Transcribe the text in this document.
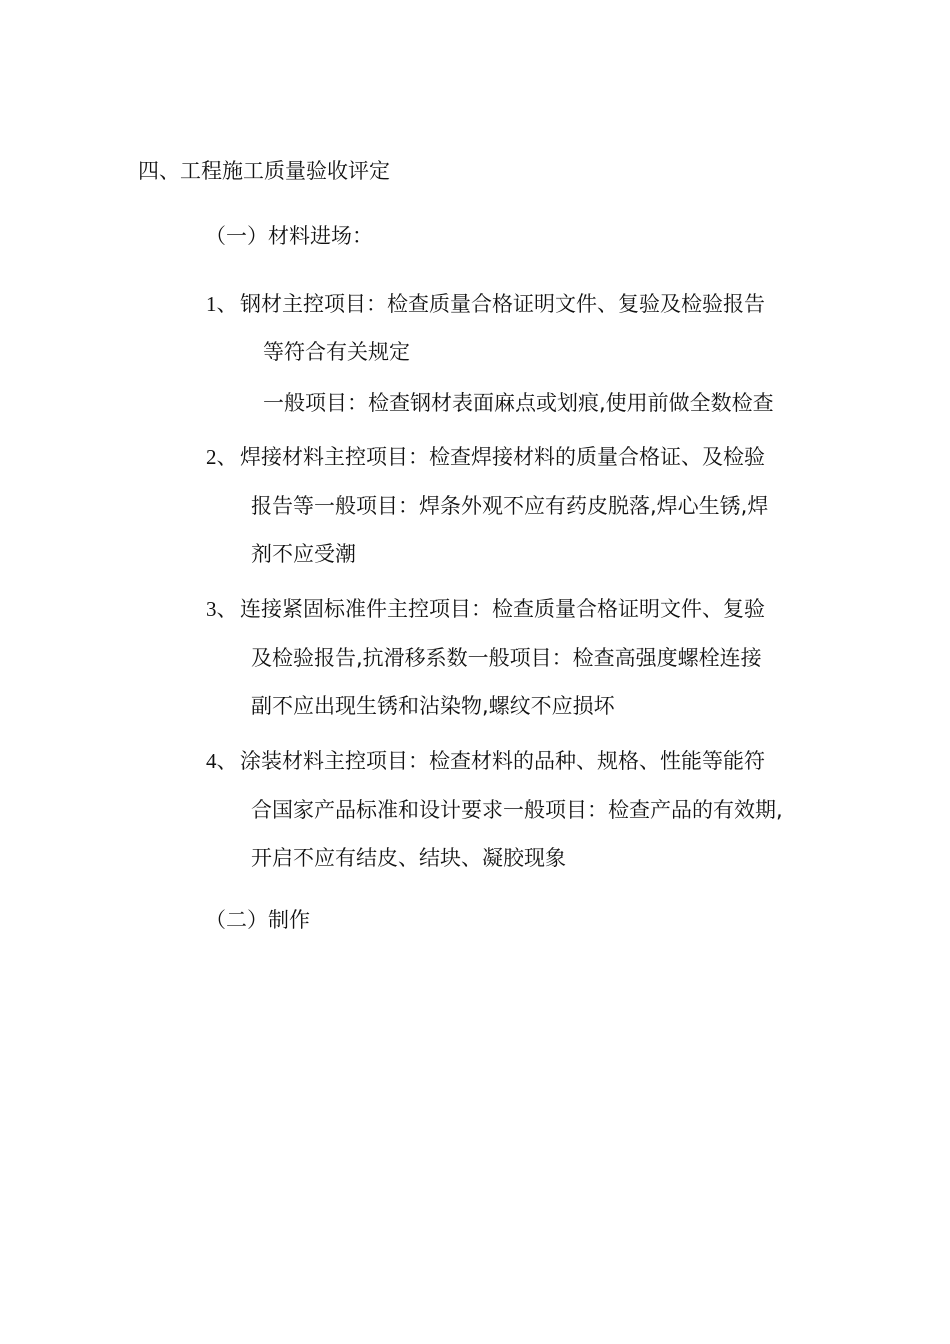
四、工程施工质量验收评定
（一）材料进场：
1、 钢材主控项目：检查质量合格证明文件、复验及检验报告
等符合有关规定
一般项目：检查钢材表面麻点或划痕,使用前做全数检查
2、 焊接材料主控项目：检查焊接材料的质量合格证、及检验
报告等一般项目：焊条外观不应有药皮脱落,焊心生锈,焊
剂不应受潮
3、 连接紧固标准件主控项目：检查质量合格证明文件、复验
及检验报告,抗滑移系数一般项目：检查高强度螺栓连接
副不应出现生锈和沾染物,螺纹不应损坏
4、 涂装材料主控项目：检查材料的品种、规格、性能等能符
合国家产品标准和设计要求一般项目：检查产品的有效期,
开启不应有结皮、结块、凝胶现象
（二）制作
